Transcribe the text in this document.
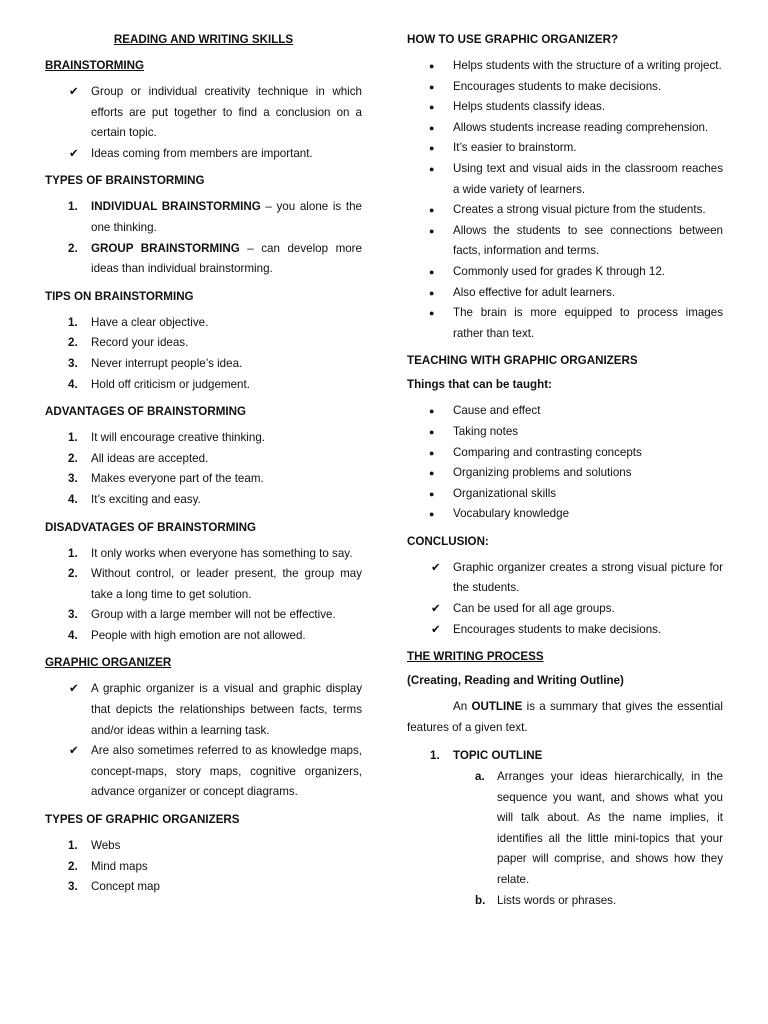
READING AND WRITING SKILLS
BRAINSTORMING
✔ Group or individual creativity technique in which efforts are put together to find a conclusion on a certain topic.
✔ Ideas coming from members are important.
TYPES OF BRAINSTORMING
1. INDIVIDUAL BRAINSTORMING – you alone is the one thinking.
2. GROUP BRAINSTORMING – can develop more ideas than individual brainstorming.
TIPS ON BRAINSTORMING
1. Have a clear objective.
2. Record your ideas.
3. Never interrupt people’s idea.
4. Hold off criticism or judgement.
ADVANTAGES OF BRAINSTORMING
1. It will encourage creative thinking.
2. All ideas are accepted.
3. Makes everyone part of the team.
4. It’s exciting and easy.
DISADVATAGES OF BRAINSTORMING
1. It only works when everyone has something to say.
2. Without control, or leader present, the group may take a long time to get solution.
3. Group with a large member will not be effective.
4. People with high emotion are not allowed.
GRAPHIC ORGANIZER
✔ A graphic organizer is a visual and graphic display that depicts the relationships between facts, terms and/or ideas within a learning task.
✔ Are also sometimes referred to as knowledge maps, concept-maps, story maps, cognitive organizers, advance organizer or concept diagrams.
TYPES OF GRAPHIC ORGANIZERS
1. Webs
2. Mind maps
3. Concept map
HOW TO USE GRAPHIC ORGANIZER?
● Helps students with the structure of a writing project.
● Encourages students to make decisions.
● Helps students classify ideas.
● Allows students increase reading comprehension.
● It’s easier to brainstorm.
● Using text and visual aids in the classroom reaches a wide variety of learners.
● Creates a strong visual picture from the students.
● Allows the students to see connections between facts, information and terms.
● Commonly used for grades K through 12.
● Also effective for adult learners.
● The brain is more equipped to process images rather than text.
TEACHING WITH GRAPHIC ORGANIZERS
Things that can be taught:
● Cause and effect
● Taking notes
● Comparing and contrasting concepts
● Organizing problems and solutions
● Organizational skills
● Vocabulary knowledge
CONCLUSION:
✔ Graphic organizer creates a strong visual picture for the students.
✔ Can be used for all age groups.
✔ Encourages students to make decisions.
THE WRITING PROCESS
(Creating, Reading and Writing Outline)

An OUTLINE is a summary that gives the essential features of a given text.

1. TOPIC OUTLINE
a. Arranges your ideas hierarchically, in the sequence you want, and shows what you will talk about. As the name implies, it identifies all the little mini-topics that your paper will comprise, and shows how they relate.
b. Lists words or phrases.
